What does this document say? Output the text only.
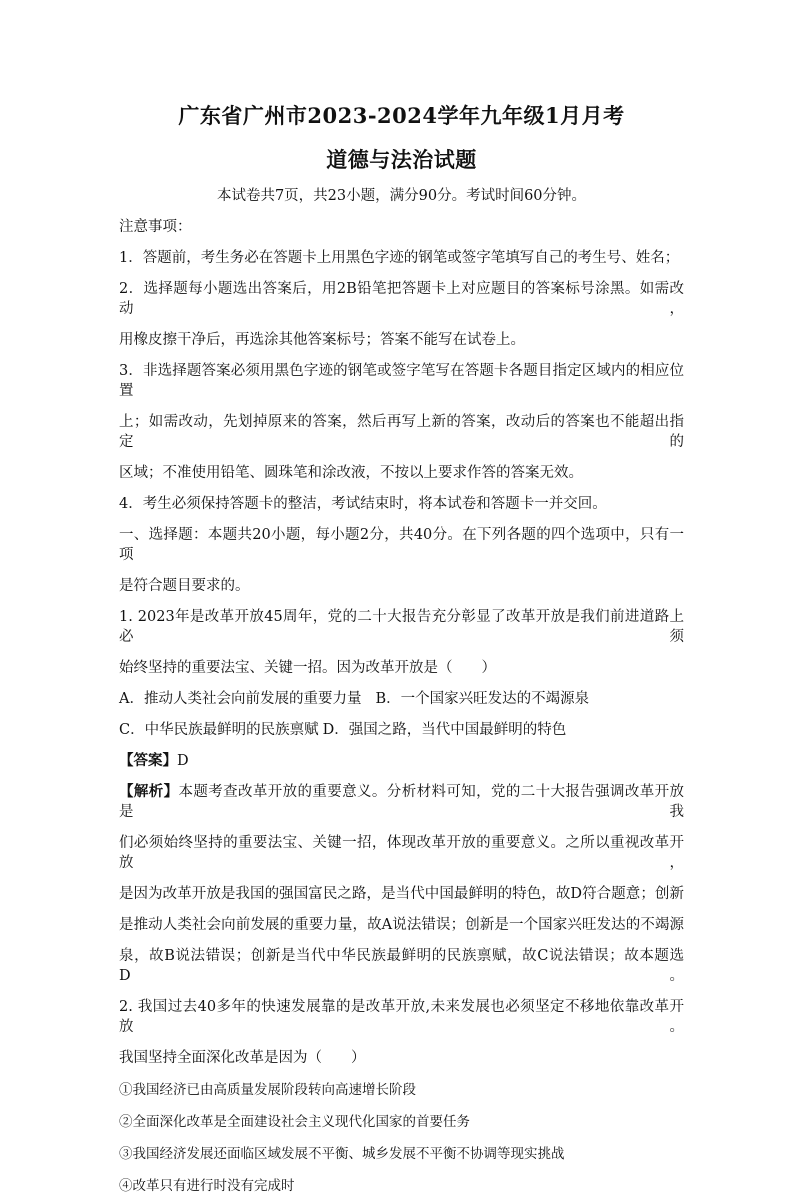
广东省广州市2023-2024学年九年级1月月考
道德与法治试题
本试卷共7页，共23小题，满分90分。考试时间60分钟。
注意事项：
1．答题前，考生务必在答题卡上用黑色字迹的钢笔或签字笔填写自己的考生号、姓名；
2．选择题每小题选出答案后，用2B铅笔把答题卡上对应题目的答案标号涂黑。如需改动，
用橡皮擦干净后，再选涂其他答案标号；答案不能写在试卷上。
3．非选择题答案必须用黑色字迹的钢笔或签字笔写在答题卡各题目指定区域内的相应位置
上；如需改动，先划掉原来的答案，然后再写上新的答案，改动后的答案也不能超出指定的
区域；不准使用铅笔、圆珠笔和涂改液，不按以上要求作答的答案无效。
4．考生必须保持答题卡的整洁，考试结束时，将本试卷和答题卡一并交回。
一、选择题：本题共20小题，每小题2分，共40分。在下列各题的四个选项中，只有一项
是符合题目要求的。
1. 2023年是改革开放45周年，党的二十大报告充分彰显了改革开放是我们前进道路上必须
始终坚持的重要法宝、关键一招。因为改革开放是（　　）
A．推动人类社会向前发展的重要力量 B．一个国家兴旺发达的不竭源泉
C．中华民族最鲜明的民族禀赋 D．强国之路，当代中国最鲜明的特色
【答案】D
【解析】本题考查改革开放的重要意义。分析材料可知，党的二十大报告强调改革开放是我
们必须始终坚持的重要法宝、关键一招，体现改革开放的重要意义。之所以重视改革开放，
是因为改革开放是我国的强国富民之路，是当代中国最鲜明的特色，故D符合题意；创新
是推动人类社会向前发展的重要力量，故A说法错误；创新是一个国家兴旺发达的不竭源
泉，故B说法错误；创新是当代中华民族最鲜明的民族禀赋，故C说法错误；故本题选D。
2. 我国过去40多年的快速发展靠的是改革开放,未来发展也必须坚定不移地依靠改革开放。
我国坚持全面深化改革是因为（　　）
①我国经济已由高质量发展阶段转向高速增长阶段
②全面深化改革是全面建设社会主义现代化国家的首要任务
③我国经济发展还面临区域发展不平衡、城乡发展不平衡不协调等现实挑战
④改革只有进行时没有完成时
